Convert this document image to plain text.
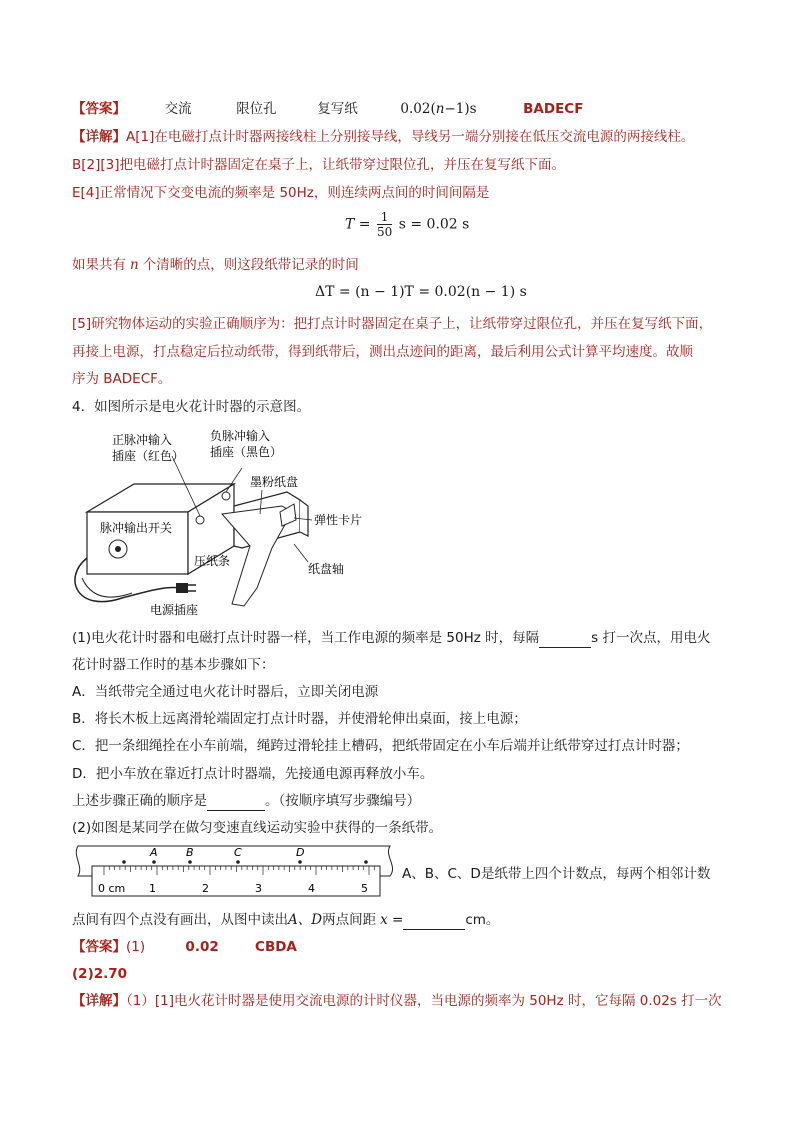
【答案】	交流	限位孔	复写纸	0.02(n−1)s	BADECF
【详解】A[1]在电磁打点计时器两接线柱上分别接导线，导线另一端分别接在低压交流电源的两接线柱。
B[2][3]把电磁打点计时器固定在桌子上，让纸带穿过限位孔，并压在复写纸下面。
E[4]正常情况下交变电流的频率是 50Hz，则连续两点间的时间间隔是
$T = \frac{1}{50}$ s = 0.02 s
如果共有 n 个清晰的点，则这段纸带记录的时间
ΔT = (n − 1)T = 0.02(n − 1) s
[5]研究物体运动的实验正确顺序为：把打点计时器固定在桌子上，让纸带穿过限位孔，并压在复写纸下面，
再接上电源，打点稳定后拉动纸带，得到纸带后，测出点迹间的距离，最后利用公式计算平均速度。故顺
序为 BADECF。
4．如图所示是电火花计时器的示意图。
正脉冲输入
插座（红色）
负脉冲输入
插座（黑色）
墨粉纸盘
弹性卡片
脉冲输出开关
压纸条
纸盘轴
电源插座
(1)电火花计时器和电磁打点计时器一样，当工作电源的频率是 50Hz 时，每隔	s 打一次点，用电火
花计时器工作时的基本步骤如下：
A．当纸带完全通过电火花计时器后，立即关闭电源
B．将长木板上远离滑轮端固定打点计时器，并使滑轮伸出桌面，接上电源；
C．把一条细绳拴在小车前端，绳跨过滑轮挂上槽码，把纸带固定在小车后端并让纸带穿过打点计时器；
D．把小车放在靠近打点计时器端，先接通电源再释放小车。
上述步骤正确的顺序是	。（按顺序填写步骤编号）
(2)如图是某同学在做匀变速直线运动实验中获得的一条纸带。
A	B	C	D
0 cm 1	2	3	4	5
A、B、C、D是纸带上四个计数点，每两个相邻计数
点间有四个点没有画出，从图中读出A、D两点间距 x =	cm。
【答案】(1)	0.02	CBDA
(2)2.70
【详解】（1）[1]电火花计时器是使用交流电源的计时仪器，当电源的频率为 50Hz 时，它每隔 0.02s 打一次
